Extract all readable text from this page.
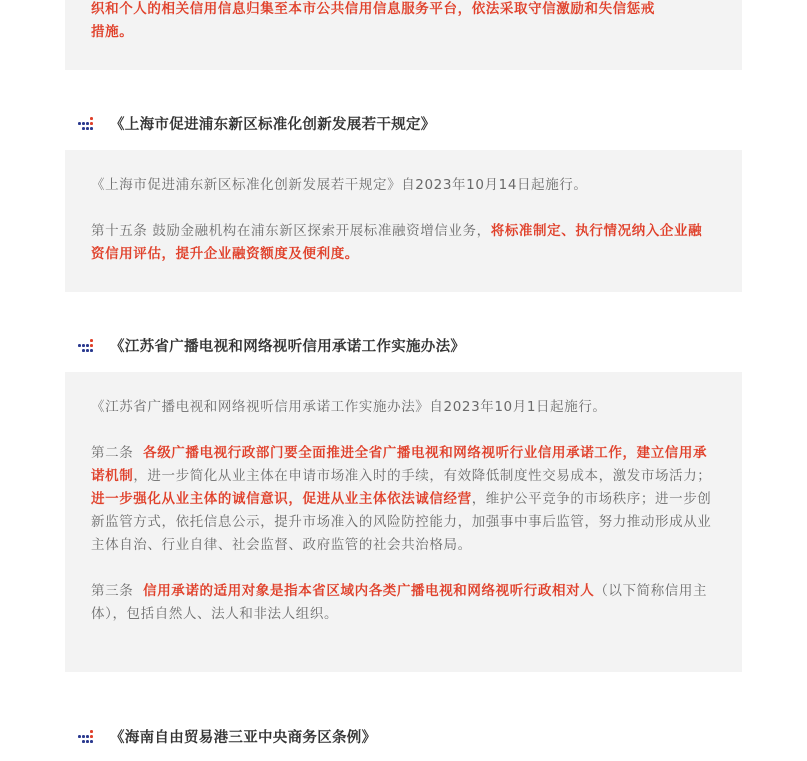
织和个人的相关信用信息归集至本市公共信用信息服务平台，依法采取守信激励和失信惩戒

措施。

《上海市促进浦东新区标准化创新发展若干规定》

《上海市促进浦东新区标准化创新发展若干规定》自2023年10月14日起施行。

第十五条 鼓励金融机构在浦东新区探索开展标准融资增信业务，将标准制定、执行情况纳入企业融资信用评估，提升企业融资额度及便利度。

《江苏省广播电视和网络视听信用承诺工作实施办法》

《江苏省广播电视和网络视听信用承诺工作实施办法》自2023年10月1日起施行。

第二条 各级广播电视行政部门要全面推进全省广播电视和网络视听行业信用承诺工作，建立信用承诺机制，进一步简化从业主体在申请市场准入时的手续，有效降低制度性交易成本，激发市场活力；进一步强化从业主体的诚信意识，促进从业主体依法诚信经营，维护公平竞争的市场秩序；进一步创新监管方式，依托信息公示，提升市场准入的风险防控能力，加强事中事后监管，努力推动形成从业主体自治、行业自律、社会监督、政府监管的社会共治格局。

第三条 信用承诺的适用对象是指本省区域内各类广播电视和网络视听行政相对人（以下简称信用主体），包括自然人、法人和非法人组织。

《海南自由贸易港三亚中央商务区条例》
